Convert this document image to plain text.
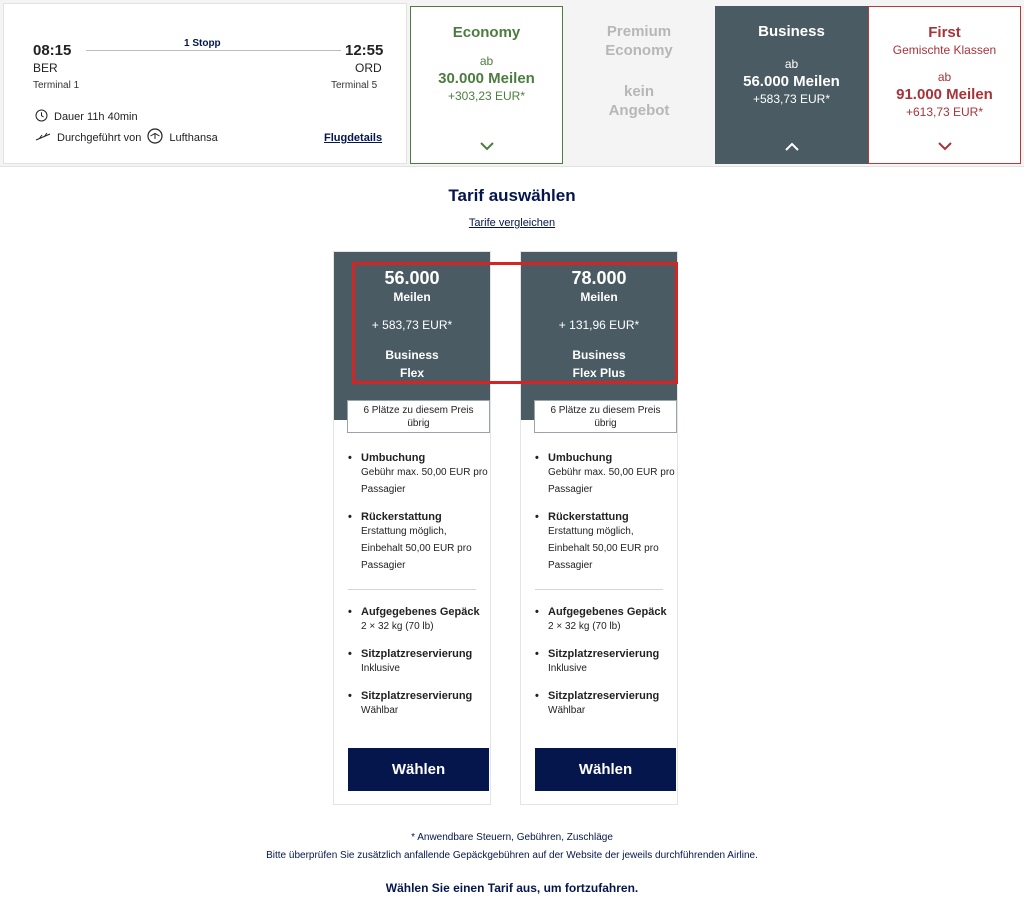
08:15	12:55
1 Stopp
BER	ORD
Terminal 1	Terminal 5
Dauer 11h 40min
Durchgeführt von	Lufthansa	Flugdetails
Economy
ab
30.000 Meilen
+303,23 EUR*
Premium
Economy
kein
Angebot
Business
ab
56.000 Meilen
+583,73 EUR*
First
Gemischte Klassen
ab
91.000 Meilen
+613,73 EUR*
Tarif auswählen
Tarife vergleichen
56.000
Meilen
+ 583,73 EUR*
Business
Flex
6 Plätze zu diesem Preis
übrig
• Umbuchung
Gebühr max. 50,00 EUR pro
Passagier
• Rückerstattung
Erstattung möglich,
Einbehalt 50,00 EUR pro
Passagier
• Aufgegebenes Gepäck
2 × 32 kg (70 lb)
• Sitzplatzreservierung
Inklusive
• Sitzplatzreservierung
Wählbar
Wählen
78.000
Meilen
+ 131,96 EUR*
Business
Flex Plus
6 Plätze zu diesem Preis
übrig
• Umbuchung
Gebühr max. 50,00 EUR pro
Passagier
• Rückerstattung
Erstattung möglich,
Einbehalt 50,00 EUR pro
Passagier
• Aufgegebenes Gepäck
2 × 32 kg (70 lb)
• Sitzplatzreservierung
Inklusive
• Sitzplatzreservierung
Wählbar
Wählen
* Anwendbare Steuern, Gebühren, Zuschläge
Bitte überprüfen Sie zusätzlich anfallende Gepäckgebühren auf der Website der jeweils durchführenden Airline.
Wählen Sie einen Tarif aus, um fortzufahren.
